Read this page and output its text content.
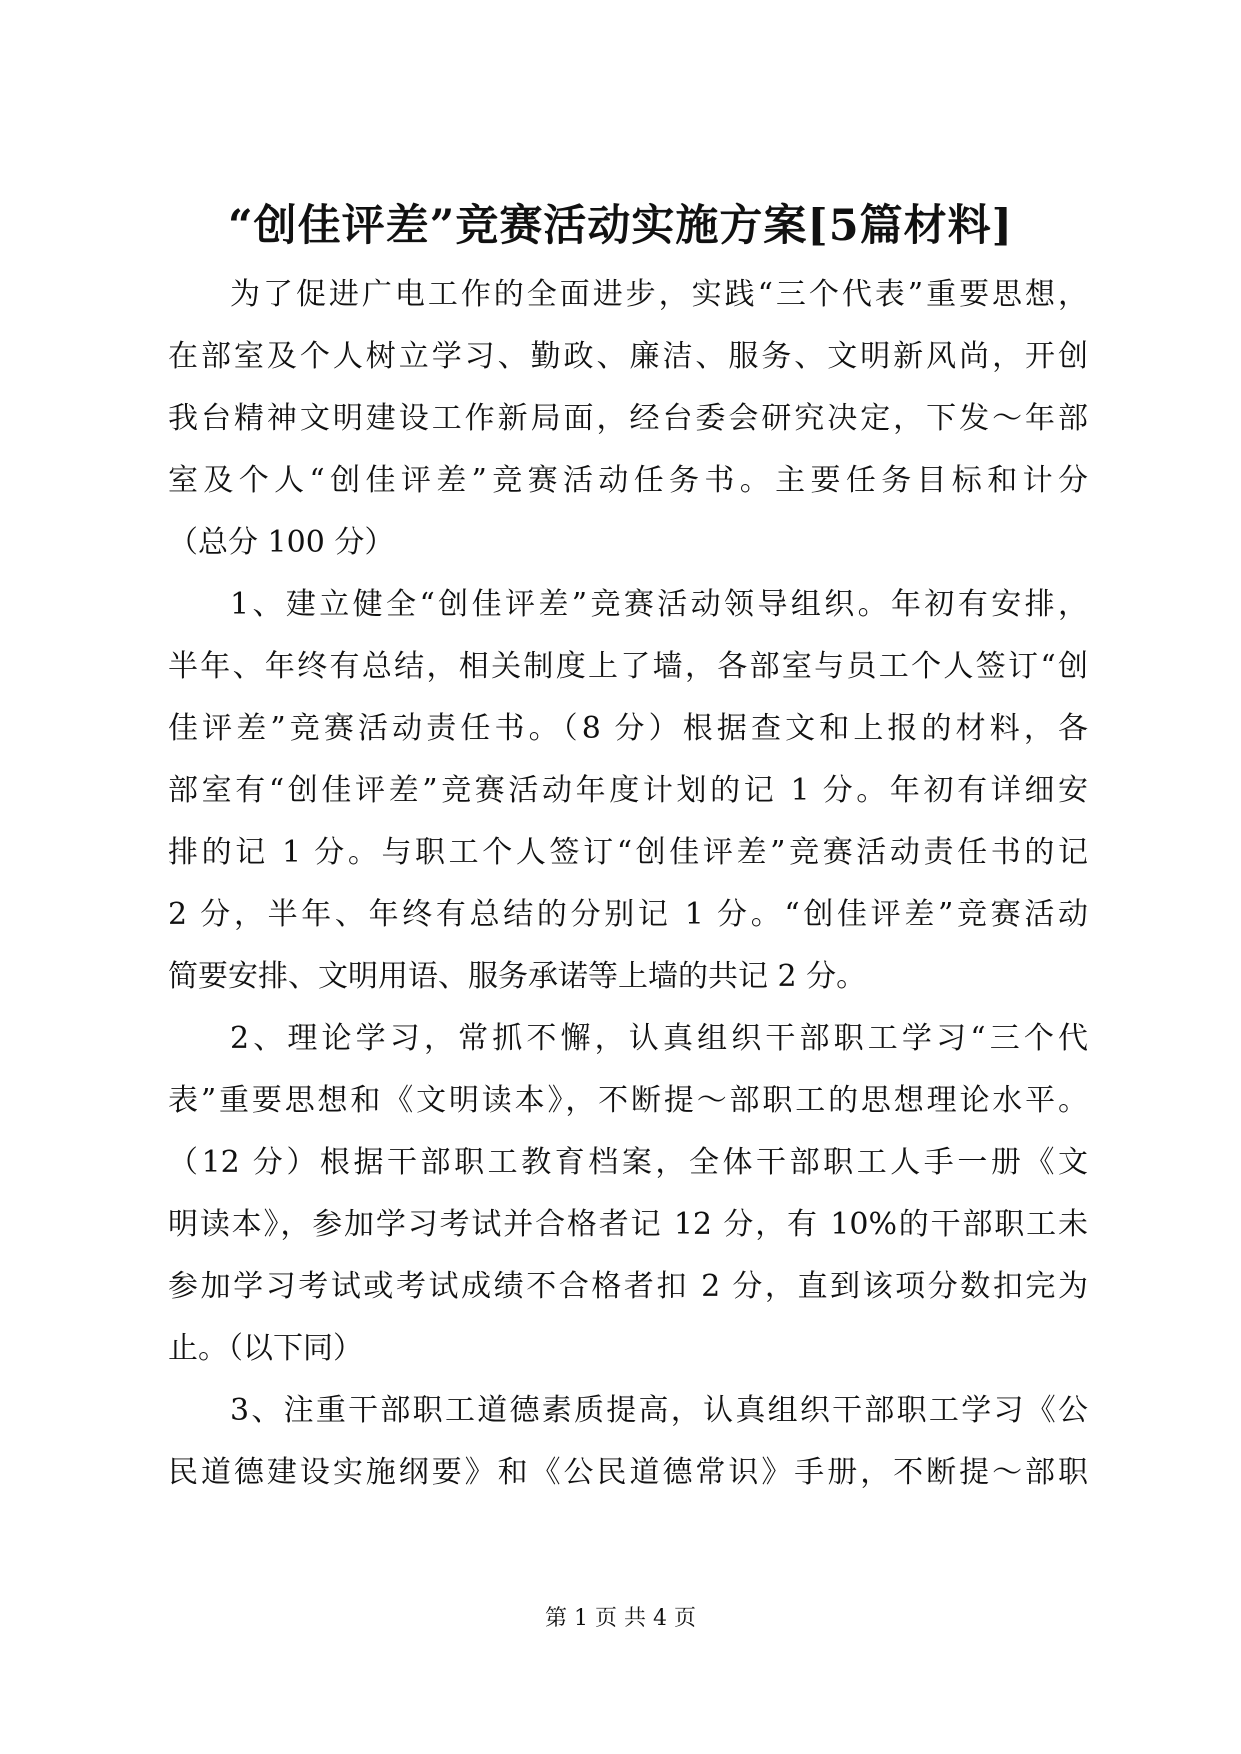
“创佳评差”竞赛活动实施方案[5篇材料]
为了促进广电工作的全面进步，实践“三个代表”重要思想，
在部室及个人树立学习、勤政、廉洁、服务、文明新风尚，开创
我台精神文明建设工作新局面，经台委会研究决定，下发～年部
室及个人“创佳评差”竞赛活动任务书。主要任务目标和计分
（总分 100 分）
1、建立健全“创佳评差”竞赛活动领导组织。年初有安排，
半年、年终有总结，相关制度上了墙，各部室与员工个人签订“创
佳评差”竞赛活动责任书。（8 分）根据查文和上报的材料，各
部室有“创佳评差”竞赛活动年度计划的记 1 分。年初有详细安
排的记 1 分。与职工个人签订“创佳评差”竞赛活动责任书的记
2 分，半年、年终有总结的分别记 1 分。“创佳评差”竞赛活动
简要安排、文明用语、服务承诺等上墙的共记 2 分。
2、理论学习，常抓不懈，认真组织干部职工学习“三个代
表”重要思想和《文明读本》，不断提～部职工的思想理论水平。
（12 分）根据干部职工教育档案，全体干部职工人手一册《文
明读本》，参加学习考试并合格者记 12 分，有 10%的干部职工未
参加学习考试或考试成绩不合格者扣 2 分，直到该项分数扣完为
止。（以下同）
3、注重干部职工道德素质提高，认真组织干部职工学习《公
民道德建设实施纲要》和《公民道德常识》手册，不断提～部职
第 1 页 共 4 页
